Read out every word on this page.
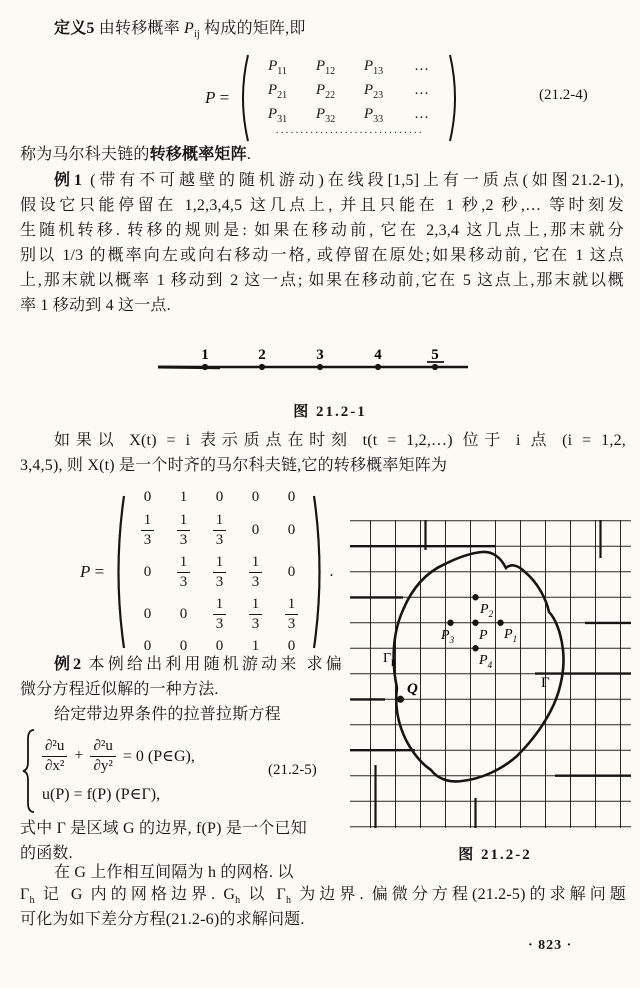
定义5 由转移概率 $P_{ij}$ 构成的矩阵,即
P =
$P_{11}$ $P_{12}$ $P_{13}$ …
$P_{21}$ $P_{22}$ $P_{23}$ …
$P_{31}$ $P_{32}$ $P_{33}$ …
······························
(21.2-4)
称为马尔科夫链的转移概率矩阵.
例1 (带有不可越壁的随机游动)在线段[1,5]上有一质点(如图21.2-1),
假设它只能停留在 1,2,3,4,5 这几点上, 并且只能在 1 秒,2 秒,… 等时刻发
生随机转移. 转移的规则是: 如果在移动前, 它在 2,3,4 这几点上,那末就分
别以 1/3 的概率向左或向右移动一格, 或停留在原处;如果移动前, 它在 1 这点
上,那末就以概率 1 移动到 2 这一点; 如果在移动前,它在 5 这点上,那末就以概
率 1 移动到 4 这一点.
1	2	3	4	5
图 21.2-1
如果以 X(t) = i 表示质点在时刻 t(t = 1,2,…) 位于 i 点 (i = 1,2,
3,4,5), 则 X(t) 是一个时齐的马尔科夫链,它的转移概率矩阵为
P =
0 1 0 0 0
$\frac{1}{3} \frac{1}{3} \frac{1}{3} 0$ 0
$0 \frac{1}{3} \frac{1}{3} \frac{1}{3} 0$
0 $0 \frac{1}{3} \frac{1}{3} \frac{1}{3}$
0 0 0 1 0
.
例2 本例给出利用随机游动来 求偏
微分方程近似解的一种方法.
给定带边界条件的拉普拉斯方程
$\frac{\text{∂²u}}{\text{∂x²}} + \frac{\text{∂²u}}{\text{∂y²}} = 0$ (P∈G),
u(P) = f(P) (P∈Γ),
(21.2-5)
式中 Γ 是区域 G 的边界, f(P) 是一个已知
的函数.
在 G 上作相互间隔为 h 的网格. 以
$\Gamma_h$ 记 G 内的网格边界. $G_h$ 以 $\Gamma_h$ 为边界. 偏微分方程(21.2-5)的求解问题
可化为如下差分方程(21.2-6)的求解问题.
$P_2$
$P_3$ P $P_1$
$P_4$
Q
$\Gamma_h$
Γ
图 21.2-2
· 823 ·
